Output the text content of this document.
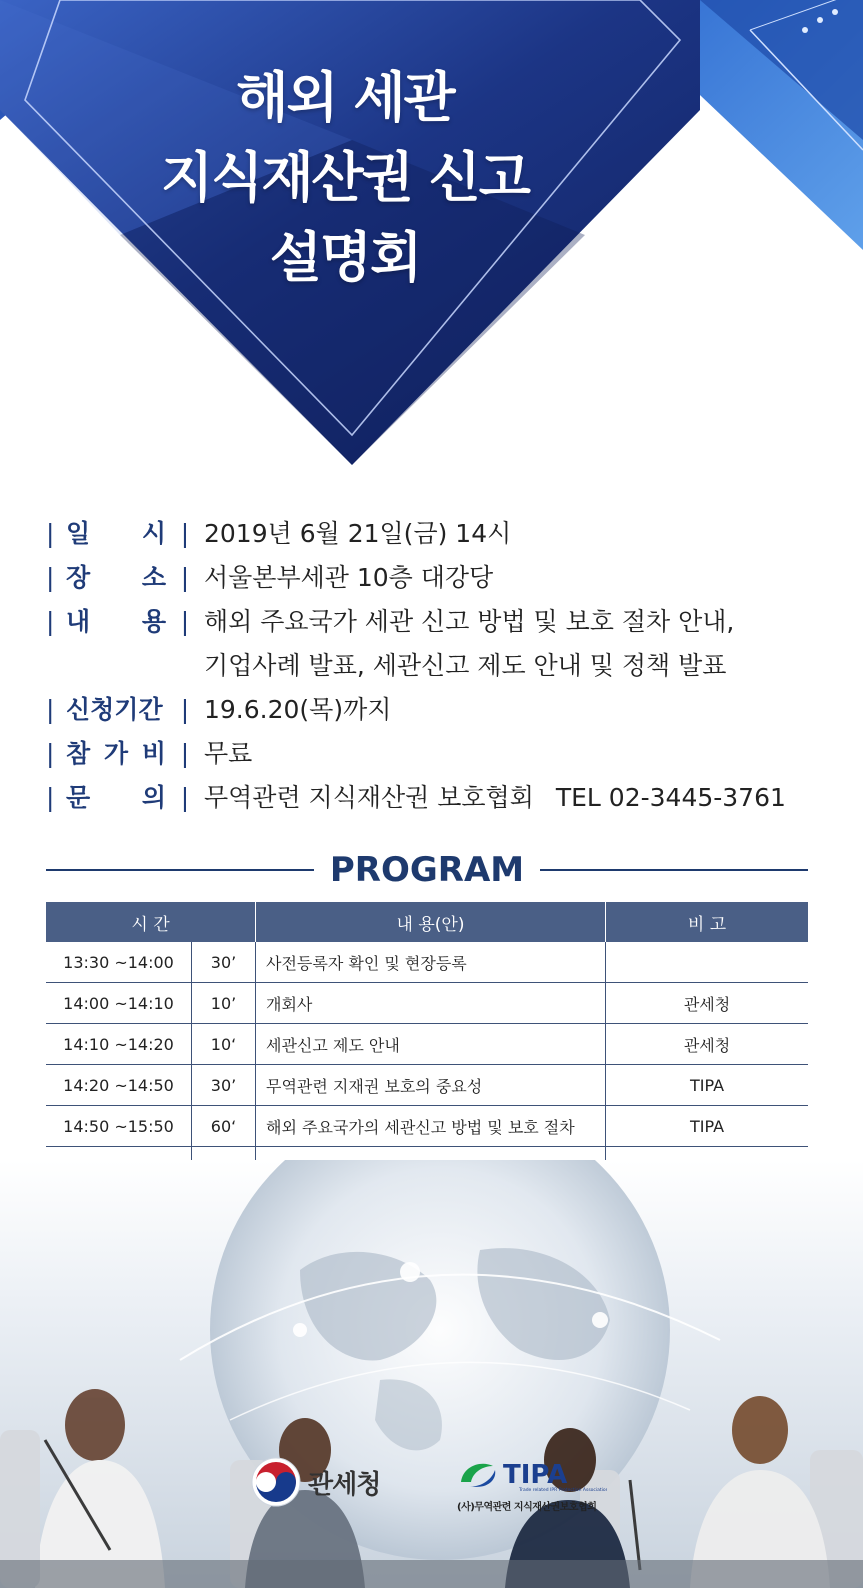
해외 세관
지식재산권 신고
설명회
| 일 시 | 2019년 6월 21일(금) 14시
| 장 소 | 서울본부세관 10층 대강당
| 내 용 | 해외 주요국가 세관 신고 방법 및 보호 절차 안내,
기업사례 발표, 세관신고 제도 안내 및 정책 발표
| 신청기간 | 19.6.20(목)까지
| 참 가 비 | 무료
| 문 의 | 무역관련 지식재산권 보호협회 TEL 02-3445-3761
PROGRAM
시 간	내 용(안)	비 고
13:30 ~14:00	30’	사전등록자 확인 및 현장등록
14:00 ~14:10	10’	개회사	관세청
14:10 ~14:20	10‘	세관신고 제도 안내	관세청
14:20 ~14:50	30’	무역관련 지재권 보호의 중요성	TIPA
14:50 ~15:50	60‘	해외 주요국가의 세관신고 방법 및 보호 절차	TIPA
관세청	TIPA
Trade related IPR Protection Association
(사)무역관련 지식재산권보호협회
